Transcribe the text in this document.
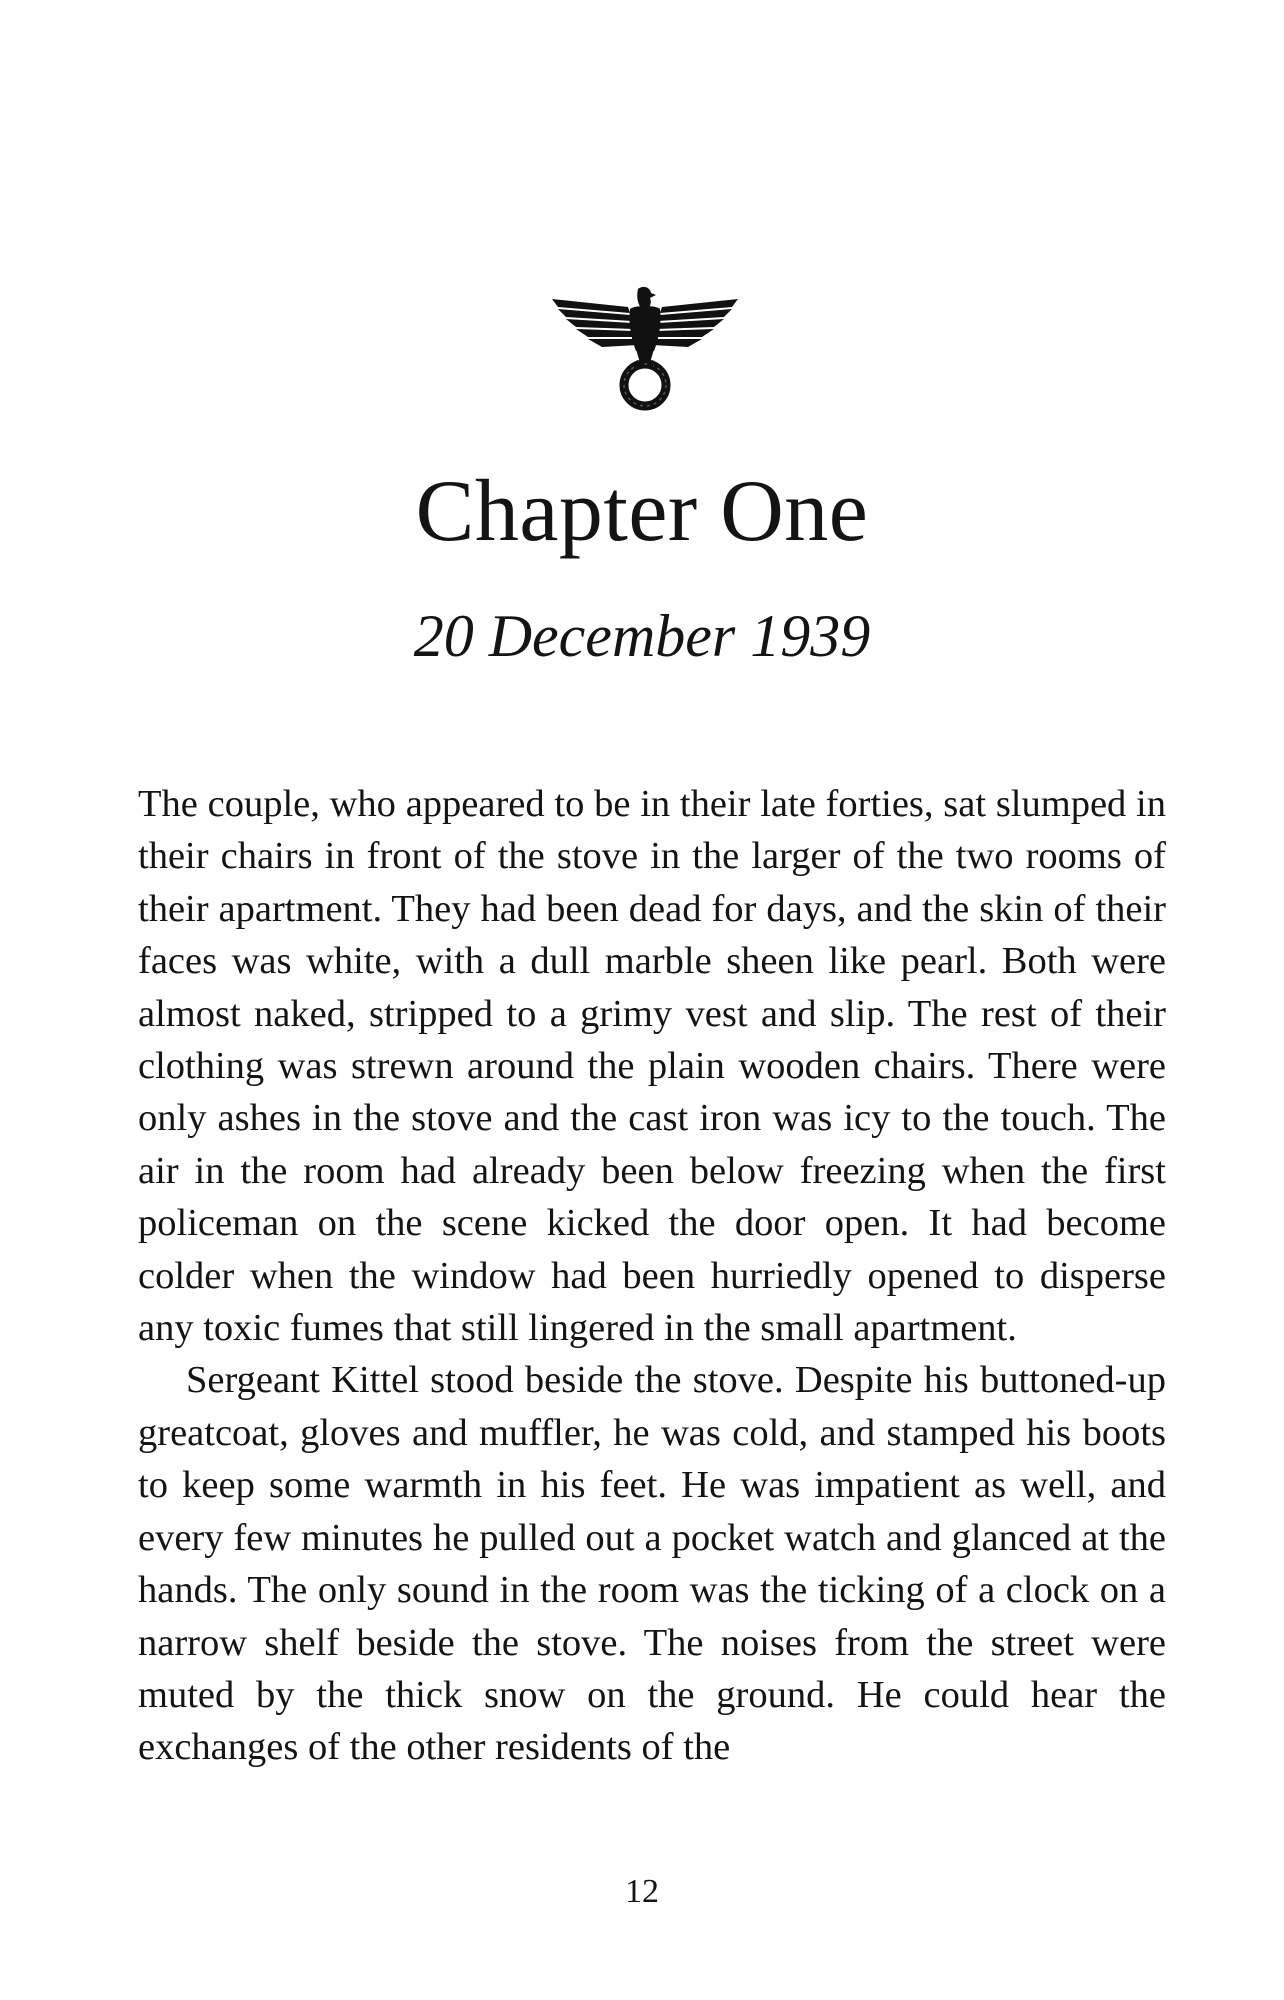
Chapter One
20 December 1939

The couple, who appeared to be in their late forties, sat slumped in their chairs in front of the stove in the larger of the two rooms of their apartment. They had been dead for days, and the skin of their faces was white, with a dull marble sheen like pearl. Both were almost naked, stripped to a grimy vest and slip. The rest of their clothing was strewn around the plain wooden chairs. There were only ashes in the stove and the cast iron was icy to the touch. The air in the room had already been below freezing when the first policeman on the scene kicked the door open. It had become colder when the window had been hurriedly opened to disperse any toxic fumes that still lingered in the small apartment.

Sergeant Kittel stood beside the stove. Despite his buttoned-up greatcoat, gloves and muffler, he was cold, and stamped his boots to keep some warmth in his feet. He was impatient as well, and every few minutes he pulled out a pocket watch and glanced at the hands. The only sound in the room was the ticking of a clock on a narrow shelf beside the stove. The noises from the street were muted by the thick snow on the ground. He could hear the exchanges of the other residents of the

12
